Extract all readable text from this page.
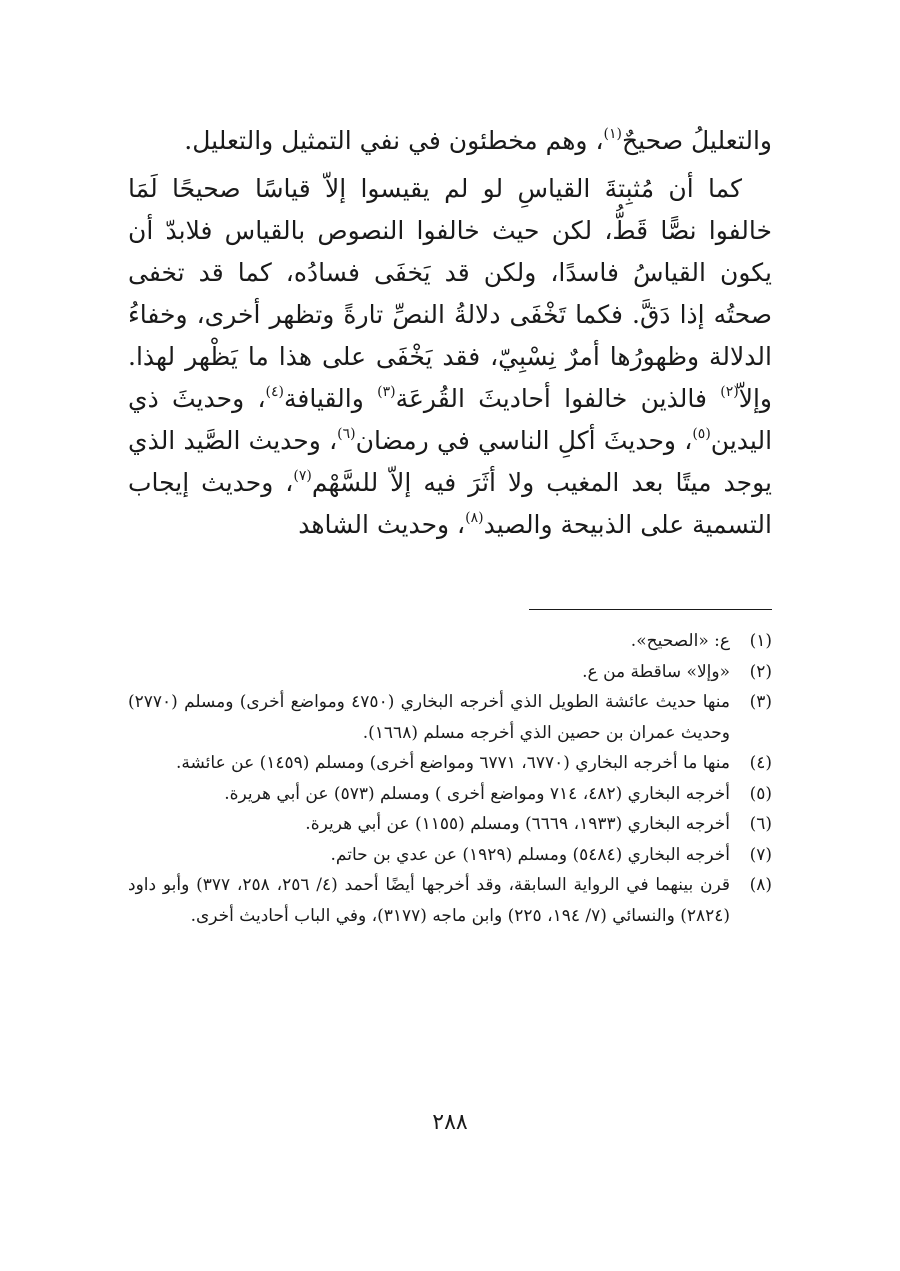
والتعليلُ صحيحٌ$^{(١)}$، وهم مخطئون في نفي التمثيل والتعليل.

كما أن مُثبِتةَ القياسِ لو لم يقيسوا إلاّ قياسًا صحيحًا لَمَا خالفوا نصًّا قَطُّ، لكن حيث خالفوا النصوص بالقياس فلابدّ أن يكون القياسُ فاسدًا، ولكن قد يَخفَى فسادُه، كما قد تخفى صحتُه إذا دَقَّ. فكما تَخْفَى دلالةُ النصِّ تارةً وتظهر أخرى، وخفاءُ الدلالة وظهورُها أمرٌ نِسْبِيّ، فقد يَخْفَى على هذا ما يَظْهر لهذا. وإلاّ$^{(٢)}$ فالذين خالفوا أحاديثَ القُرعَة$^{(٣)}$ والقيافة$^{(٤)}$، وحديثَ ذي اليدين$^{(٥)}$، وحديثَ أكلِ الناسي في رمضان$^{(٦)}$، وحديث الصَّيد الذي يوجد ميتًا بعد المغيب ولا أثَرَ فيه إلاّ للسَّهْم$^{(٧)}$، وحديث إيجاب التسمية على الذبيحة والصيد$^{(٨)}$، وحديث الشاهد

(١)
ع: «الصحيح».
(٢)
«وإلا» ساقطة من ع.
(٣)
منها حديث عائشة الطويل الذي أخرجه البخاري (٤٧٥٠ ومواضع أخرى) ومسلم (٢٧٧٠) وحديث عمران بن حصين الذي أخرجه مسلم (١٦٦٨).
(٤)
منها ما أخرجه البخاري (٦٧٧٠، ٦٧٧١ ومواضع أخرى) ومسلم (١٤٥٩) عن عائشة.
(٥)
أخرجه البخاري (٤٨٢، ٧١٤ ومواضع أخرى ) ومسلم (٥٧٣) عن أبي هريرة.
(٦)
أخرجه البخاري (١٩٣٣، ٦٦٦٩) ومسلم (١١٥٥) عن أبي هريرة.
(٧)
أخرجه البخاري (٥٤٨٤) ومسلم (١٩٢٩) عن عدي بن حاتم.
(٨)
قرن بينهما في الرواية السابقة، وقد أخرجها أيضًا أحمد (٤/ ٢٥٦، ٢٥٨، ٣٧٧) وأبو داود (٢٨٢٤) والنسائي (٧/ ١٩٤، ٢٢٥) وابن ماجه (٣١٧٧)، وفي الباب أحاديث أخرى.
٢٨٨
